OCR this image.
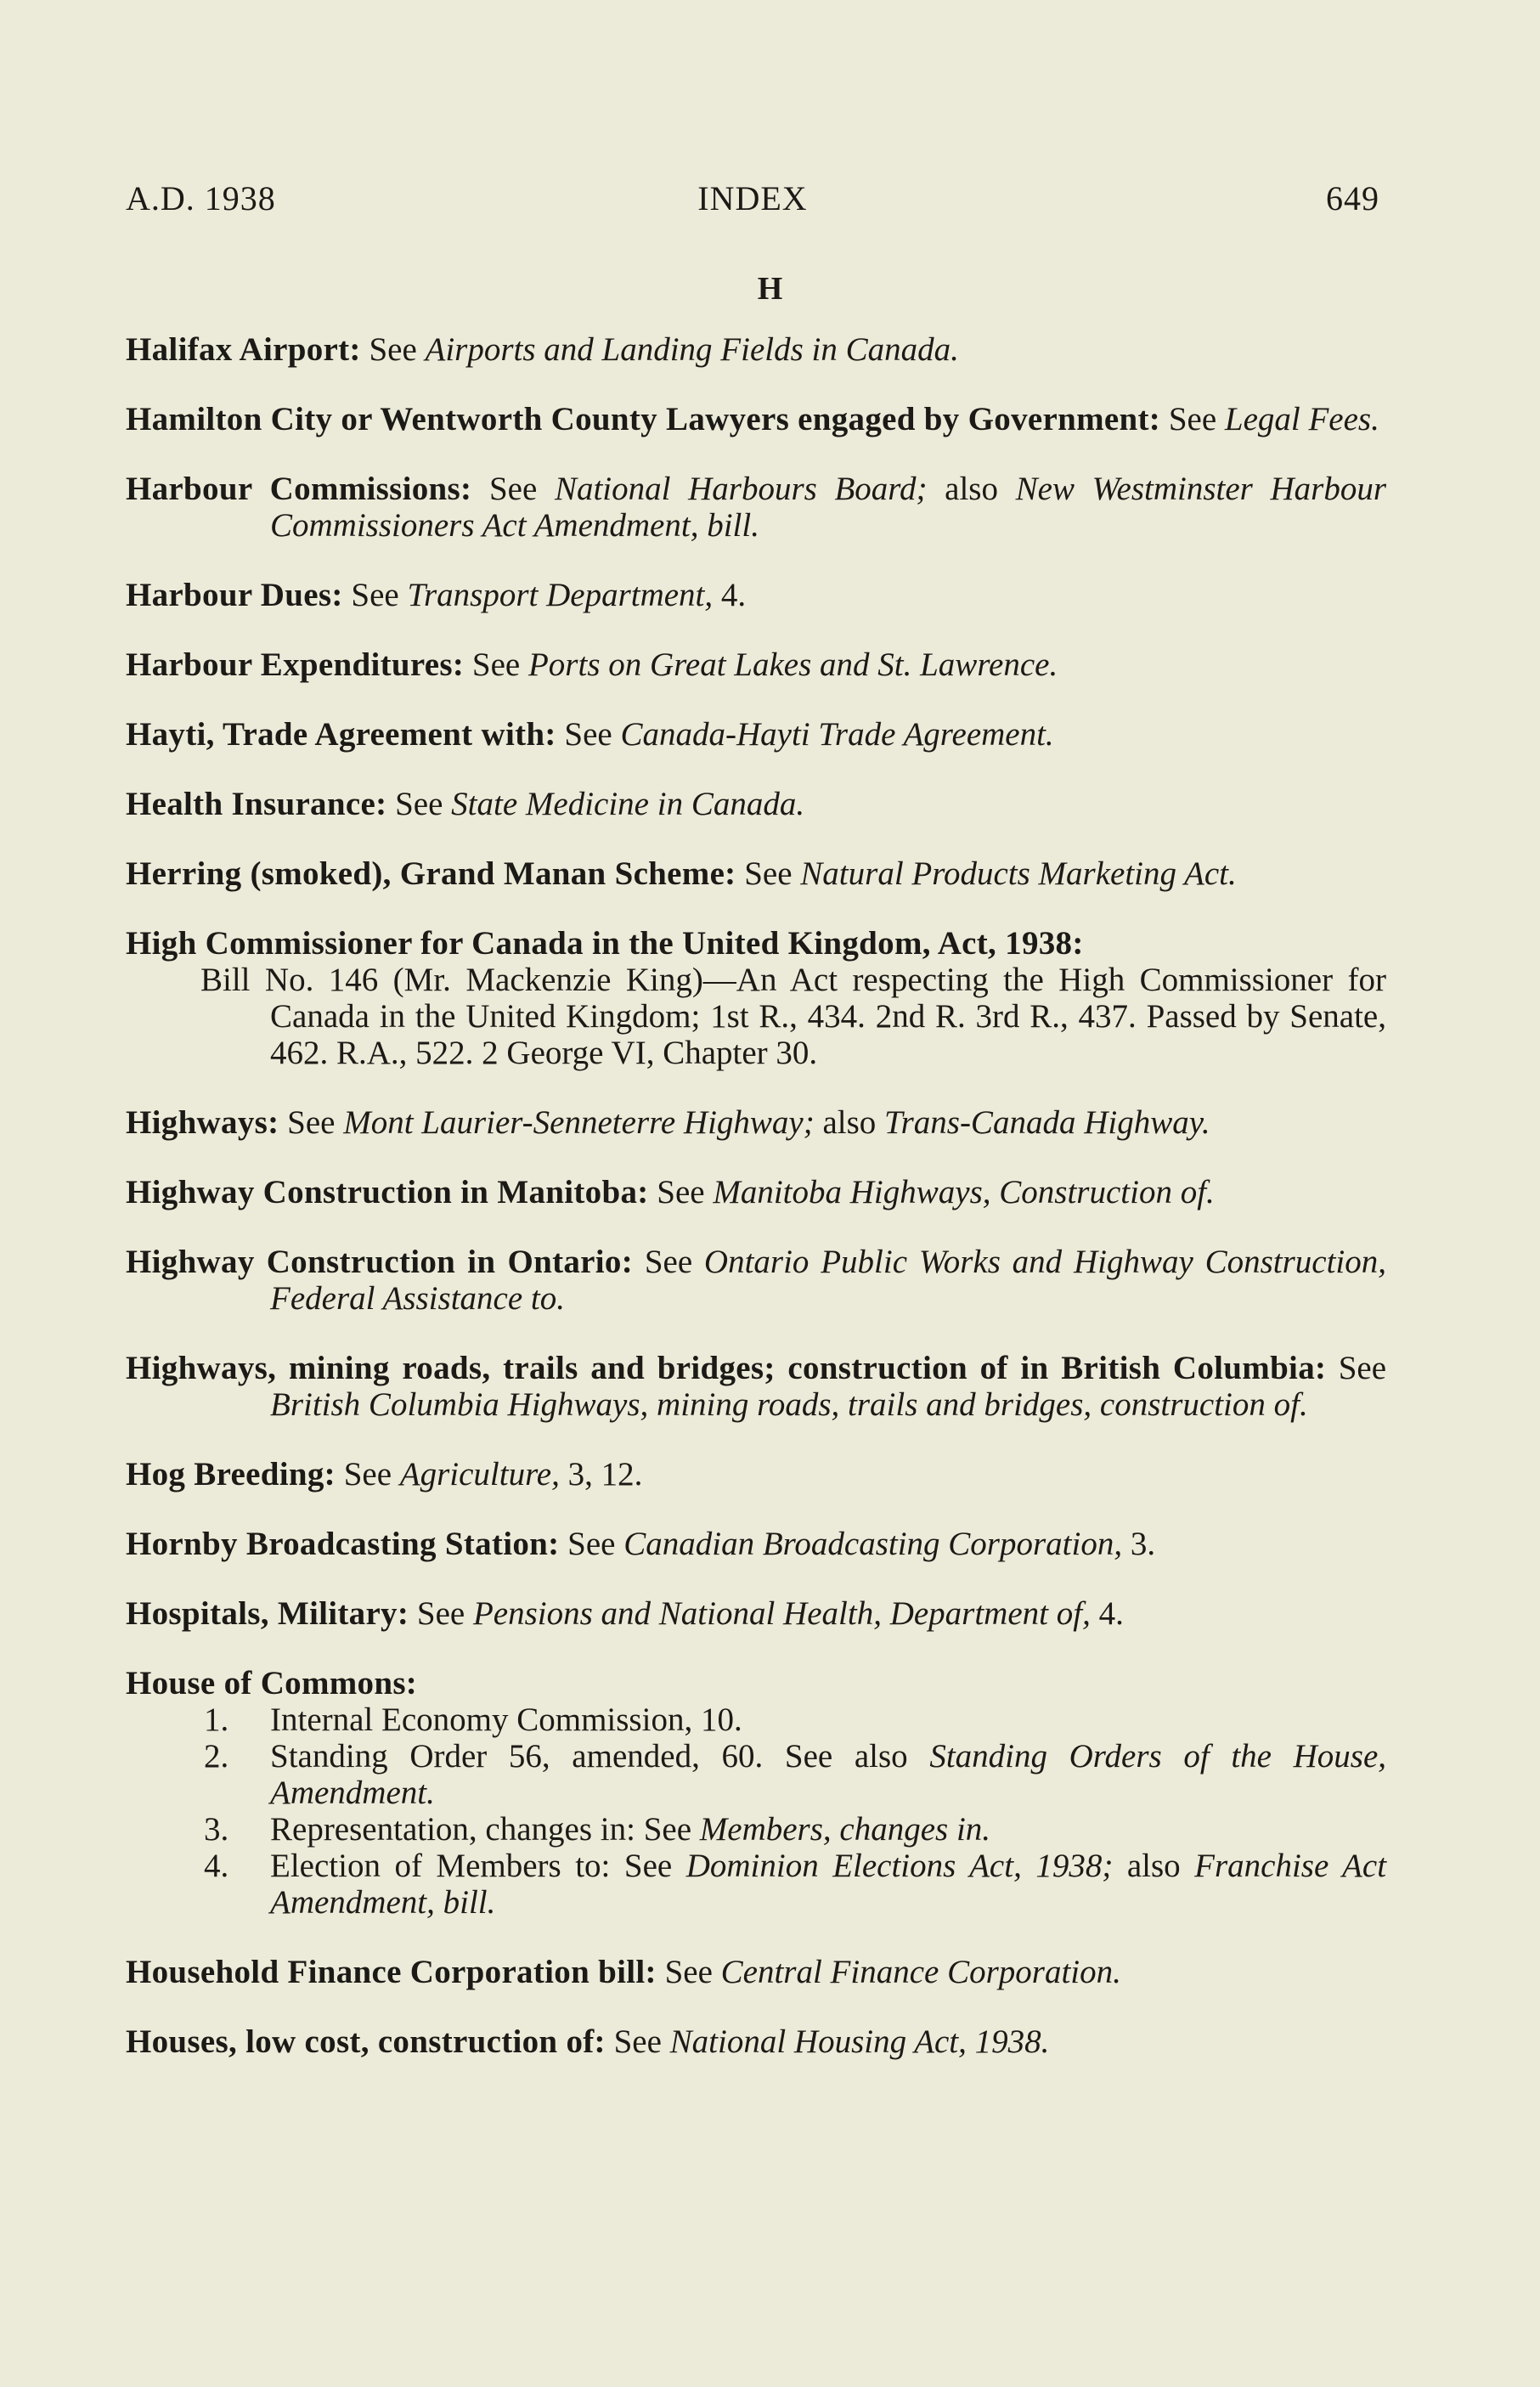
A.D. 1938	INDEX	649
H

Halifax Airport: See Airports and Landing Fields in Canada.

Hamilton City or Wentworth County Lawyers engaged by Government: See Legal Fees.

Harbour Commissions: See National Harbours Board; also New Westminster Harbour Commissioners Act Amendment, bill.

Harbour Dues: See Transport Department, 4.

Harbour Expenditures: See Ports on Great Lakes and St. Lawrence.

Hayti, Trade Agreement with: See Canada-Hayti Trade Agreement.

Health Insurance: See State Medicine in Canada.

Herring (smoked), Grand Manan Scheme: See Natural Products Marketing Act.

High Commissioner for Canada in the United Kingdom, Act, 1938:
Bill No. 146 (Mr. Mackenzie King)—An Act respecting the High Commissioner for Canada in the United Kingdom; 1st R., 434. 2nd R. 3rd R., 437. Passed by Senate, 462. R.A., 522. 2 George VI, Chapter 30.

Highways: See Mont Laurier-Senneterre Highway; also Trans-Canada Highway.

Highway Construction in Manitoba: See Manitoba Highways, Construction of.

Highway Construction in Ontario: See Ontario Public Works and Highway Construction, Federal Assistance to.

Highways, mining roads, trails and bridges; construction of in British Columbia: See British Columbia Highways, mining roads, trails and bridges, construction of.

Hog Breeding: See Agriculture, 3, 12.

Hornby Broadcasting Station: See Canadian Broadcasting Corporation, 3.

Hospitals, Military: See Pensions and National Health, Department of, 4.

House of Commons:
1. Internal Economy Commission, 10.
2. Standing Order 56, amended, 60. See also Standing Orders of the House, Amendment.
3. Representation, changes in: See Members, changes in.
4. Election of Members to: See Dominion Elections Act, 1938; also Franchise Act Amendment, bill.

Household Finance Corporation bill: See Central Finance Corporation.

Houses, low cost, construction of: See National Housing Act, 1938.
